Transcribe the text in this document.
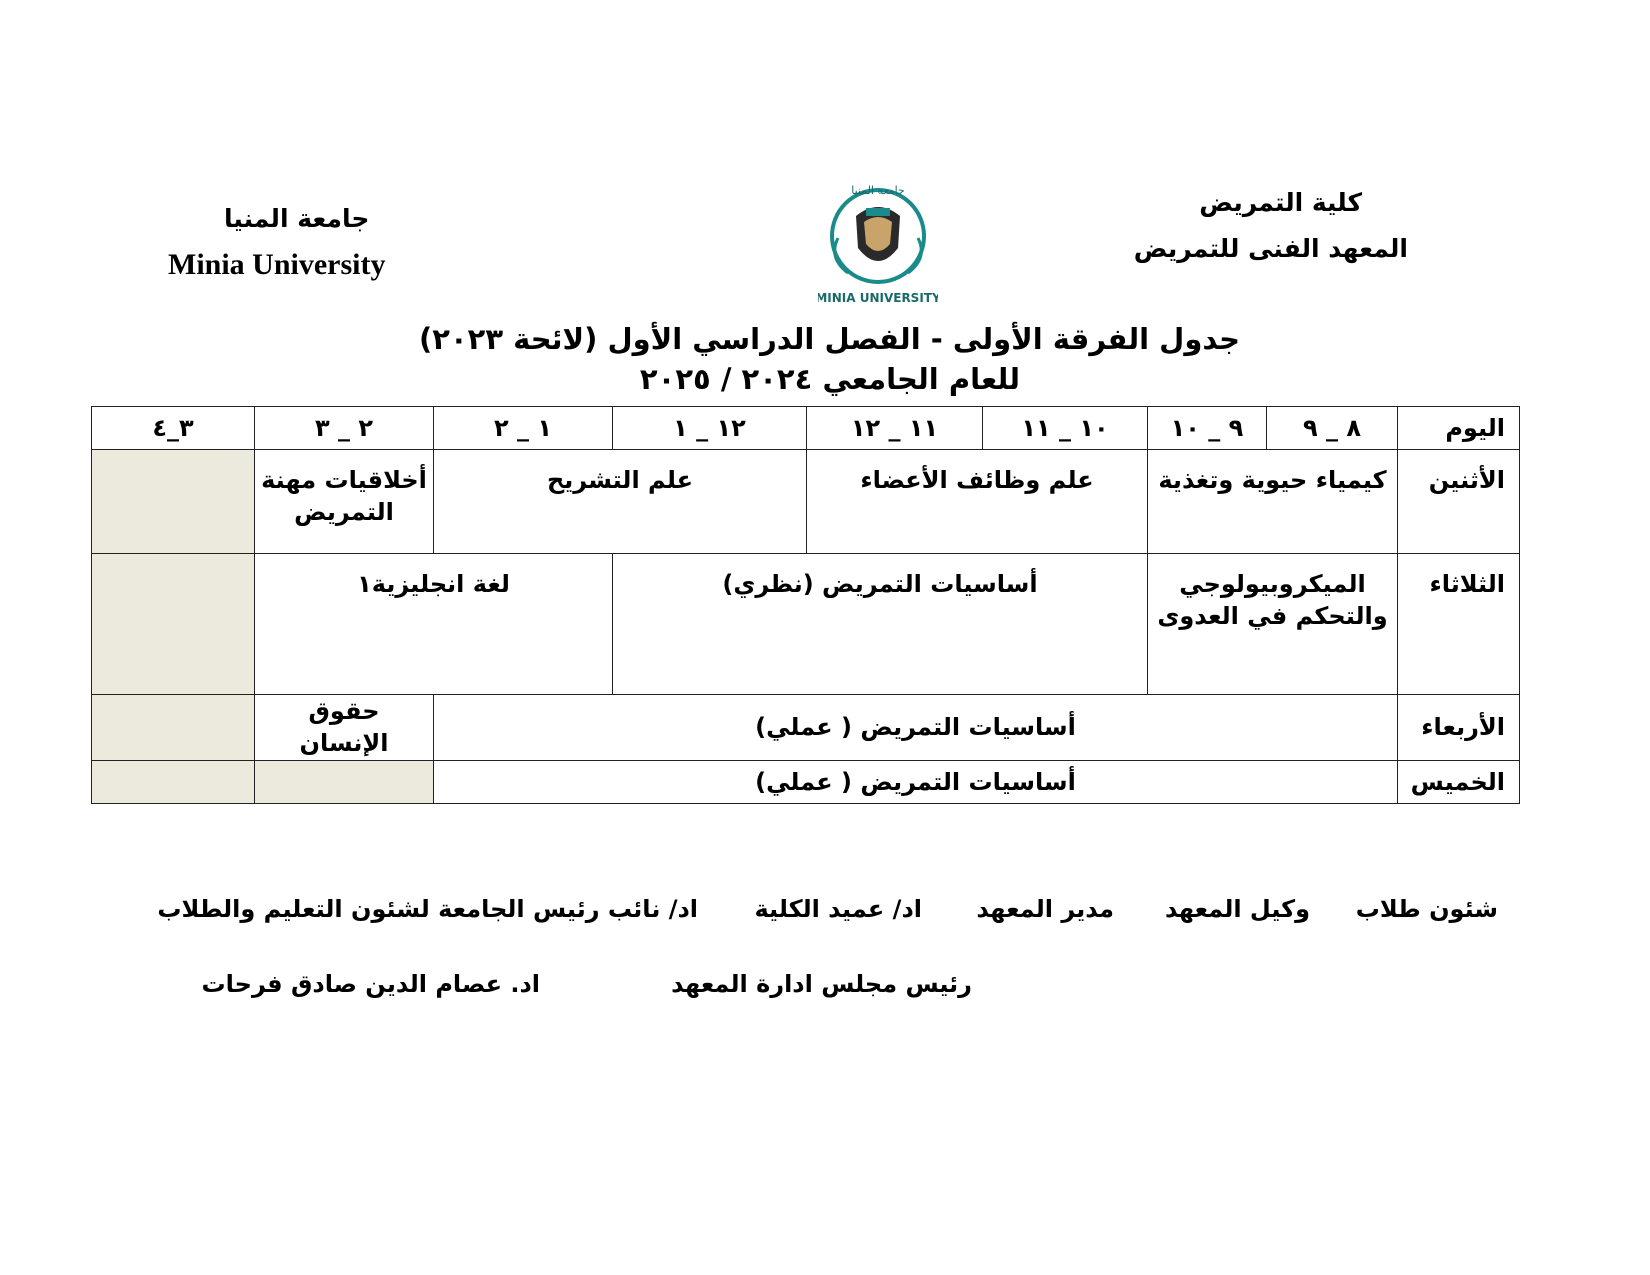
كلية التمريض
المعهد الفنى للتمريض
جامعة المنيا
Minia University
جامعة المنيا
MINIA UNIVERSITY
جدول الفرقة الأولى - الفصل الدراسي الأول (لائحة ٢٠٢٣)
للعام الجامعي ٢٠٢٤ / ٢٠٢٥
اليوم	٨ _ ٩	٩ _ ١٠	١٠ _ ١١	١١ _ ١٢	١٢ _ ١	١ _ ٢	٢ _ ٣	٣_٤
الأثنين	كيمياء حيوية وتغذية		علم وظائف الأعضاء		علم التشريح		أخلاقيات مهنة التمريض	
الثلاثاء	الميكروبيولوجي والتحكم في العدوى		أساسيات التمريض (نظري)			لغة انجليزية١		
الأربعاء	أساسيات التمريض ( عملي)						حقوق الإنسان	
الخميس	أساسيات التمريض ( عملي)							
شئون طلاب
وكيل المعهد
مدير المعهد
اد/ عميد الكلية
اد/ نائب رئيس الجامعة لشئون التعليم والطلاب
رئيس مجلس ادارة المعهد
اد. عصام الدين صادق فرحات
